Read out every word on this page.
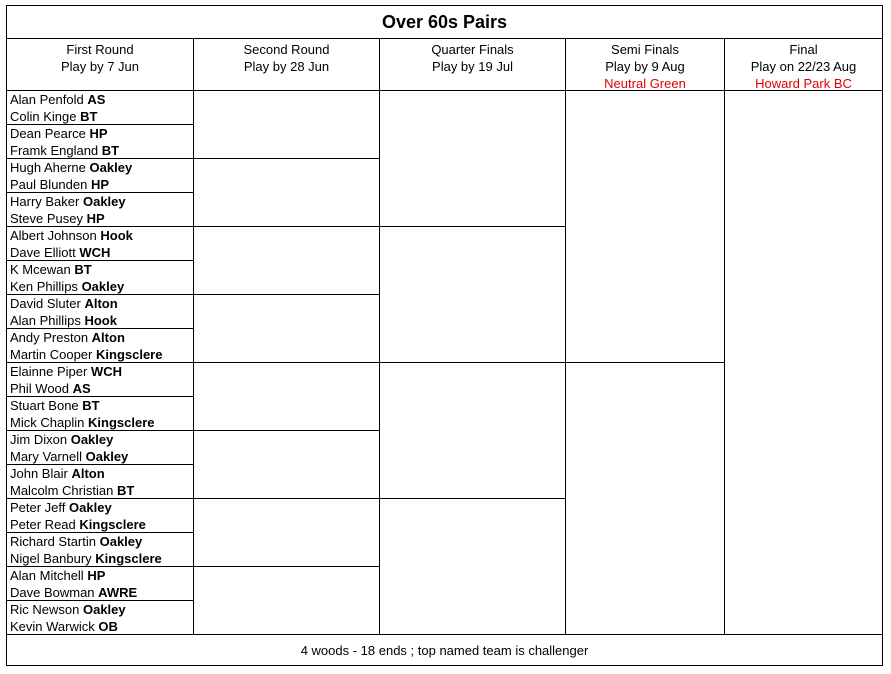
Over 60s Pairs
First Round
Play by 7 Jun
Second Round
Play by 28 Jun
Quarter Finals
Play by 19 Jul
Semi Finals
Play by 9 Aug
Neutral Green
Final
Play on 22/23 Aug
Howard Park BC
Alan Penfold AS
Colin Kinge BT
Dean Pearce HP
Framk England BT
Hugh Aherne Oakley
Paul Blunden HP
Harry Baker Oakley
Steve Pusey HP
Albert Johnson Hook
Dave Elliott WCH
K Mcewan BT
Ken Phillips Oakley
David Sluter Alton
Alan Phillips Hook
Andy Preston Alton
Martin Cooper Kingsclere
Elainne Piper WCH
Phil Wood AS
Stuart Bone BT
Mick Chaplin Kingsclere
Jim Dixon Oakley
Mary Varnell Oakley
John Blair Alton
Malcolm Christian BT
Peter Jeff Oakley
Peter Read Kingsclere
Richard Startin Oakley
Nigel Banbury Kingsclere
Alan Mitchell HP
Dave Bowman AWRE
Ric Newson Oakley
Kevin Warwick OB
4 woods - 18 ends ; top named team is challenger
